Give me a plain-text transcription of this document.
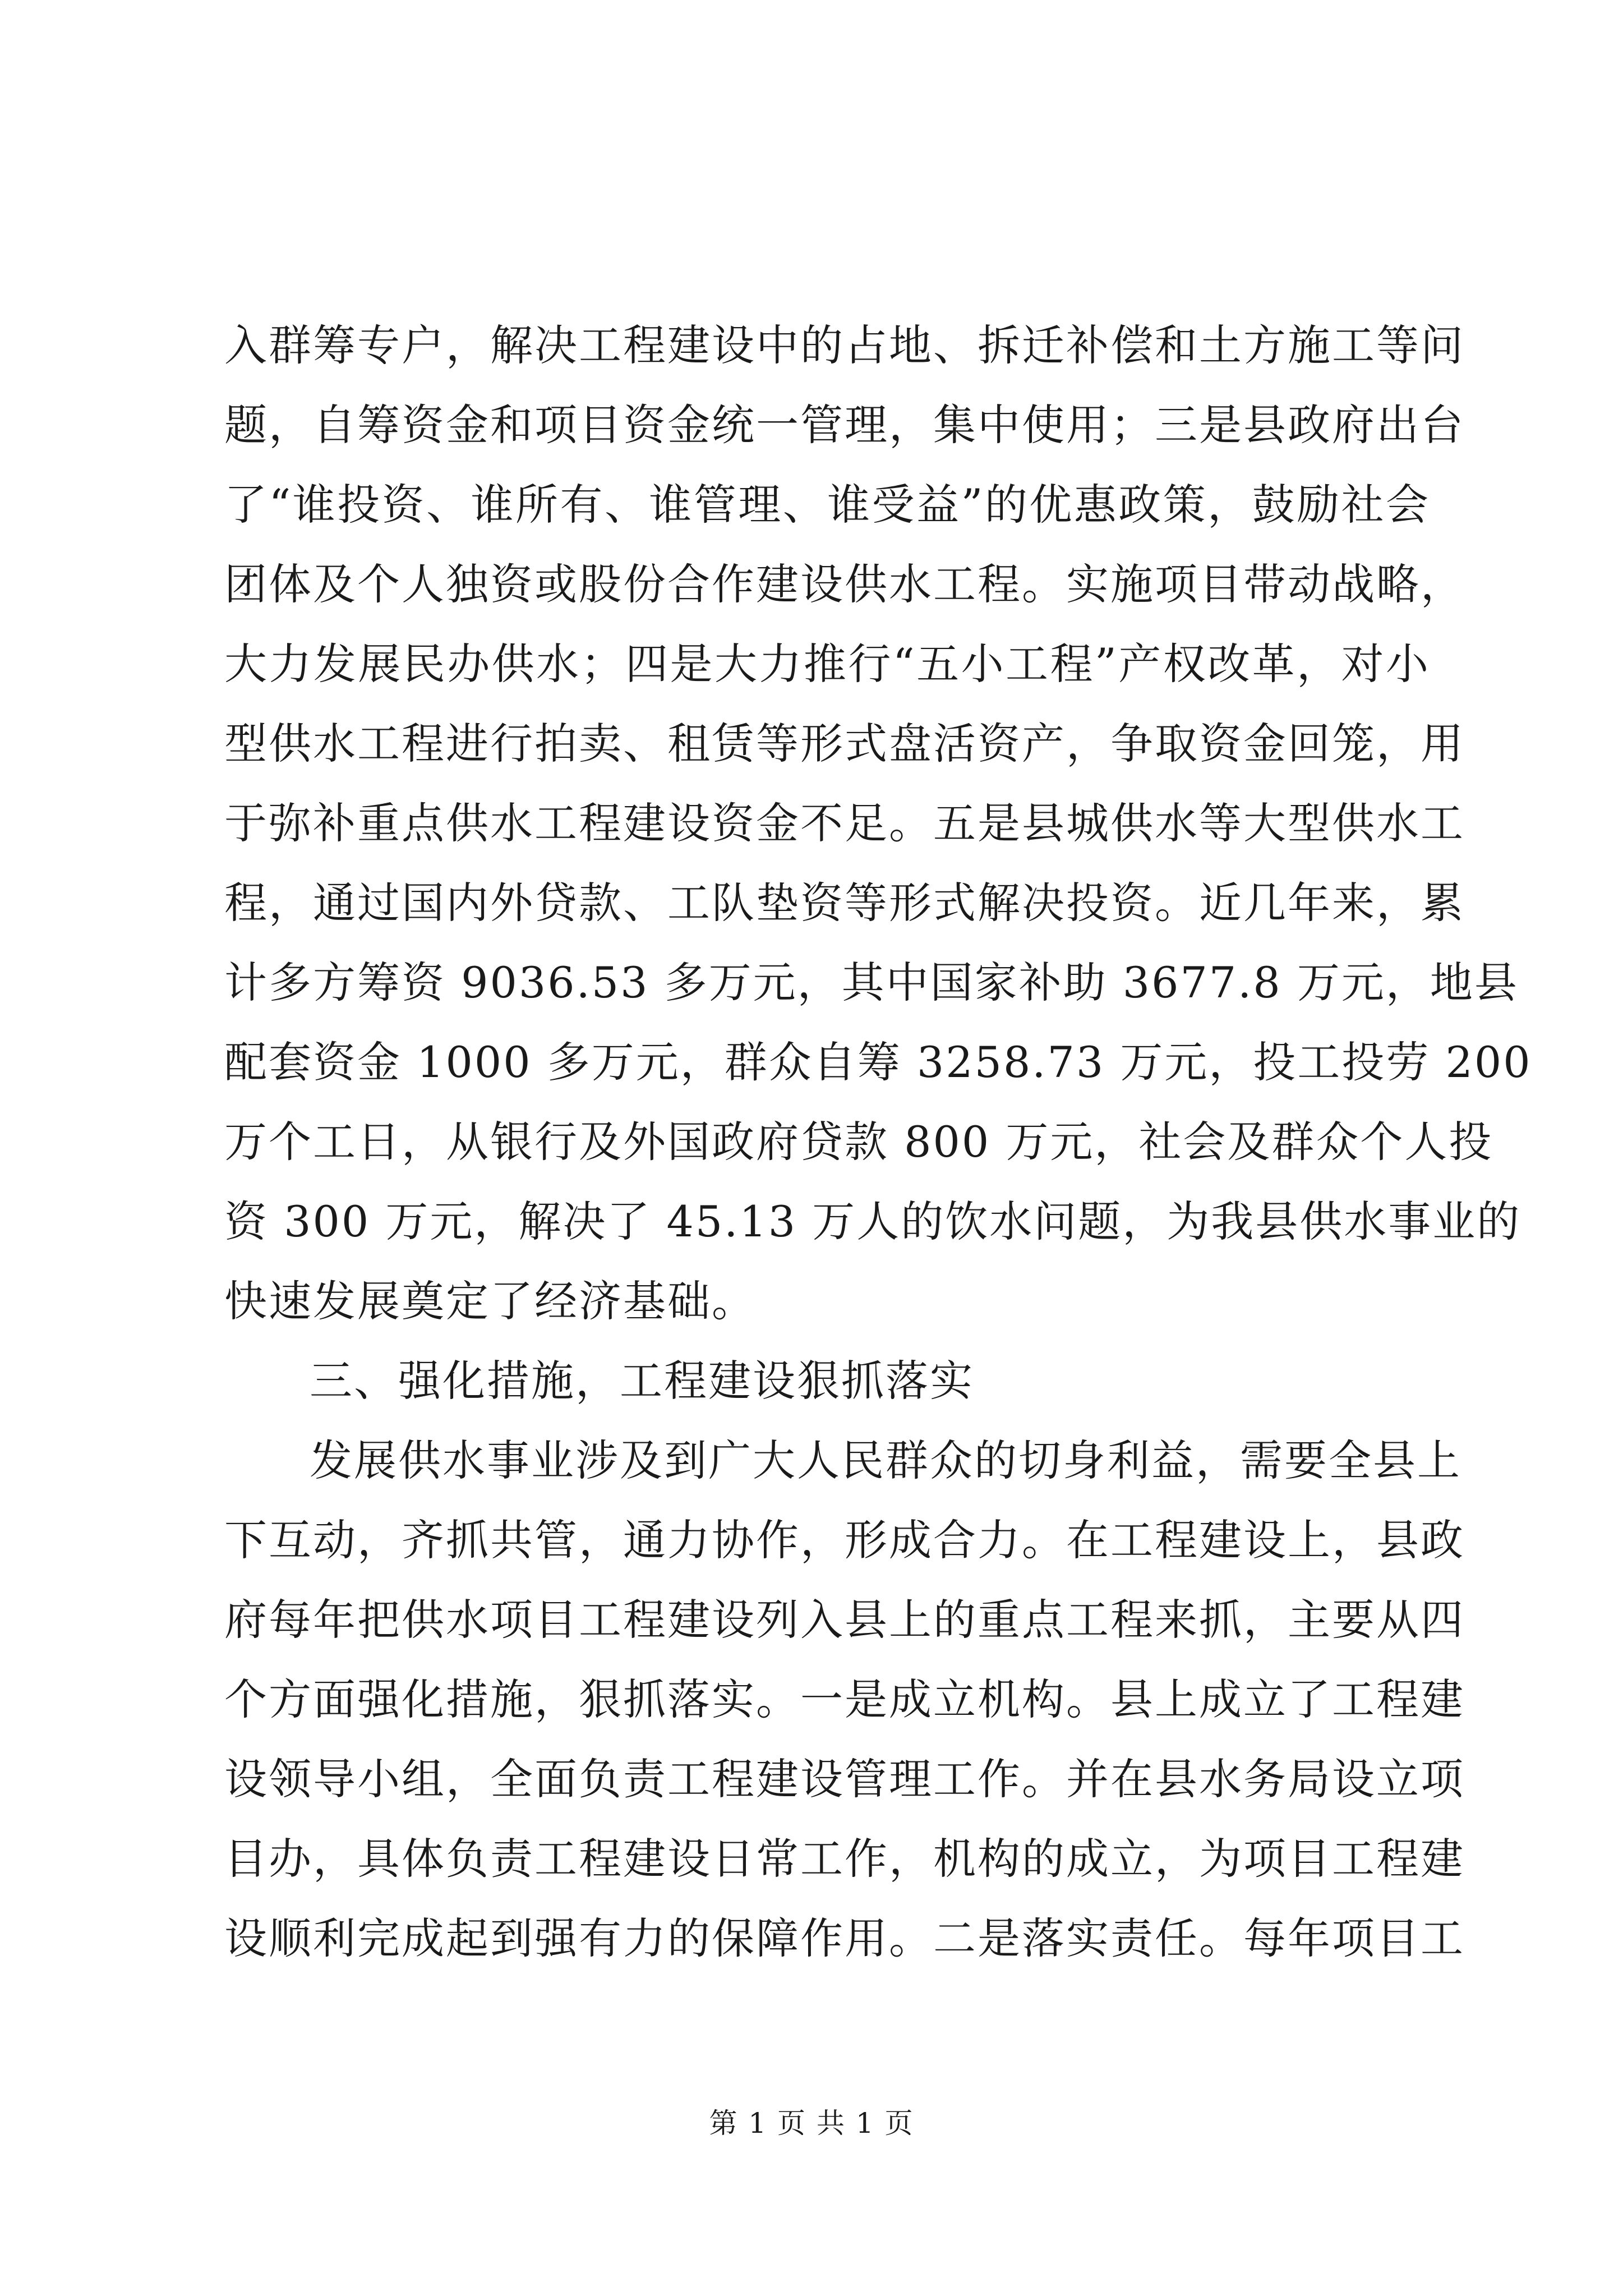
入群筹专户，解决工程建设中的占地、拆迁补偿和土方施工等问
题，自筹资金和项目资金统一管理，集中使用；三是县政府出台
了“谁投资、谁所有、谁管理、谁受益”的优惠政策，鼓励社会
团体及个人独资或股份合作建设供水工程。实施项目带动战略，
大力发展民办供水；四是大力推行“五小工程”产权改革，对小
型供水工程进行拍卖、租赁等形式盘活资产，争取资金回笼，用
于弥补重点供水工程建设资金不足。五是县城供水等大型供水工
程，通过国内外贷款、工队垫资等形式解决投资。近几年来，累
计多方筹资 9036.53 多万元，其中国家补助 3677.8 万元，地县
配套资金 1000 多万元，群众自筹 3258.73 万元，投工投劳 200
万个工日，从银行及外国政府贷款 800 万元，社会及群众个人投
资 300 万元，解决了 45.13 万人的饮水问题，为我县供水事业的
快速发展奠定了经济基础。
三、强化措施，工程建设狠抓落实
发展供水事业涉及到广大人民群众的切身利益，需要全县上
下互动，齐抓共管，通力协作，形成合力。在工程建设上，县政
府每年把供水项目工程建设列入县上的重点工程来抓，主要从四
个方面强化措施，狠抓落实。一是成立机构。县上成立了工程建
设领导小组，全面负责工程建设管理工作。并在县水务局设立项
目办，具体负责工程建设日常工作，机构的成立，为项目工程建
设顺利完成起到强有力的保障作用。二是落实责任。每年项目工
第 1 页 共 1 页
